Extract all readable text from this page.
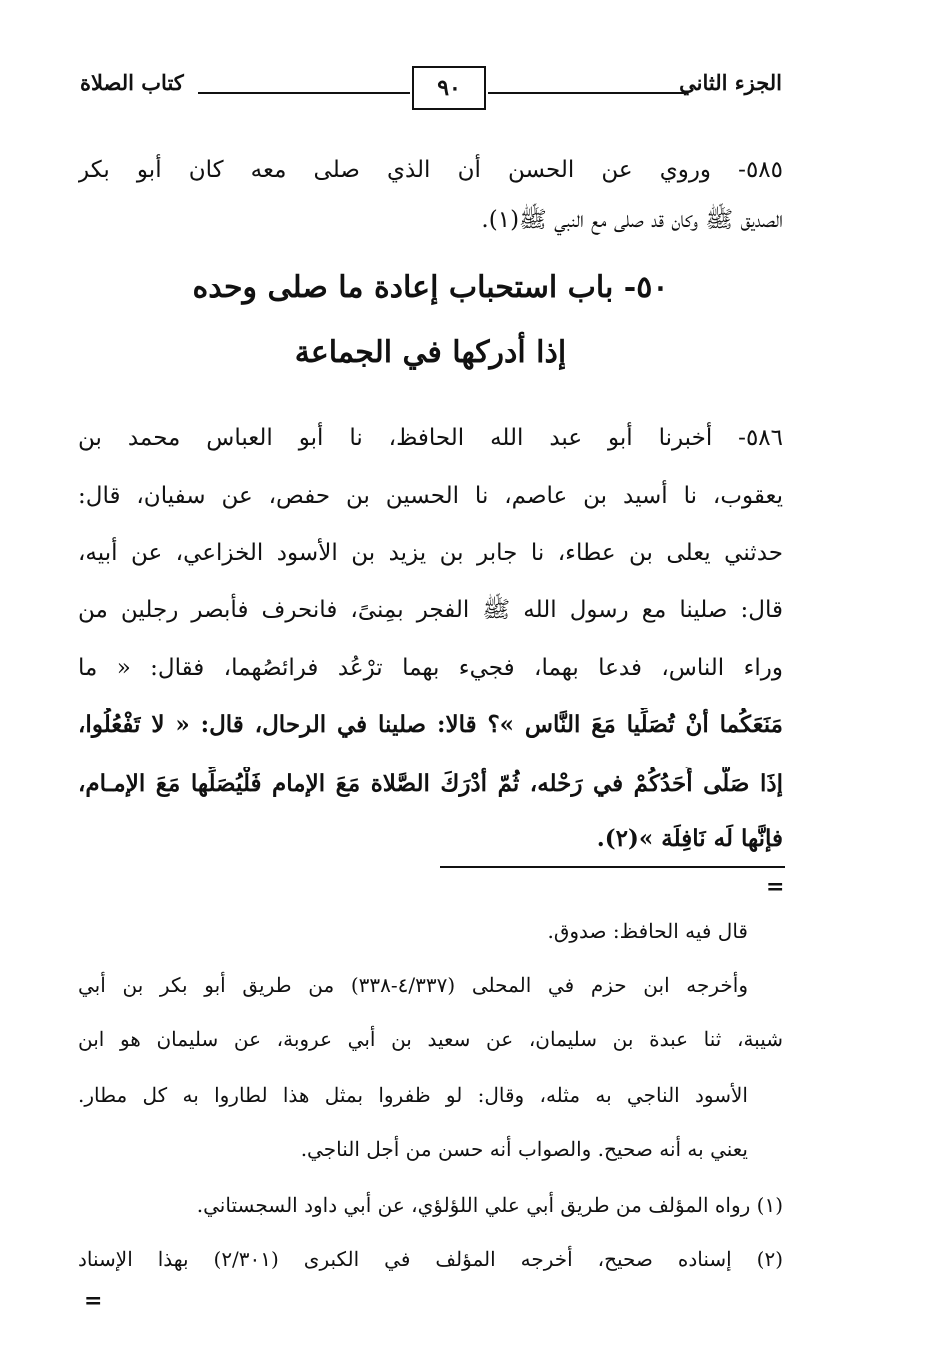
الجزء الثاني
٩٠
كتاب الصلاة
٥٨٥- وروي عن الحسن أن الذي صلى معه كان أبو بكر
الصديق ﷺ وكان قد صلى مع النبي ﷺ(١).
٥٠- باب استحباب إعادة ما صلى وحده
إذا أدركها في الجماعة
٥٨٦- أخبرنا أبو عبد الله الحافظ، نا أبو العباس محمد بن
يعقوب، نا أسيد بن عاصم، نا الحسين بن حفص، عن سفيان، قال:
حدثني يعلى بن عطاء، نا جابر بن يزيد بن الأسود الخزاعي، عن أبيه،
قال: صلينا مع رسول الله ﷺ الفجر بمِنىً، فانحرف فأبصر رجلين من
وراء الناس، فدعا بهما، فجيء بهما ترْعُد فرائصُهما، فقال: « ما
مَنَعَكُما أنْ تُصَلِّيا مَعَ النَّاس »؟ قالا: صلينا في الرحال، قال: « لا تَفْعُلُوا،
إذَا صَلَّى أَحَدُكُمْ في رَحْله، ثُمّ أدْرَكَ الصَّلاة مَعَ الإمام فَلْيُصَلِّها مَعَ الإمـام،
فإنَّها لَه نَافِلَة »(٢).
=
قال فيه الحافظ: صدوق.
وأخرجه ابن حزم في المحلى (٤/٣٣٧-٣٣٨) من طريق أبو بكر بن أبي
شيبة، ثنا عبدة بن سليمان، عن سعيد بن أبي عروبة، عن سليمان هو ابن
الأسود الناجي به مثله، وقال: لو ظفروا بمثل هذا لطاروا به كل مطار.
يعني به أنه صحيح. والصواب أنه حسن من أجل الناجي.
(١) رواه المؤلف من طريق أبي علي اللؤلؤي، عن أبي داود السجستاني.
(٢) إسناده صحيح، أخرجه المؤلف في الكبرى (٢/٣٠١) بهذا الإسناد
=
